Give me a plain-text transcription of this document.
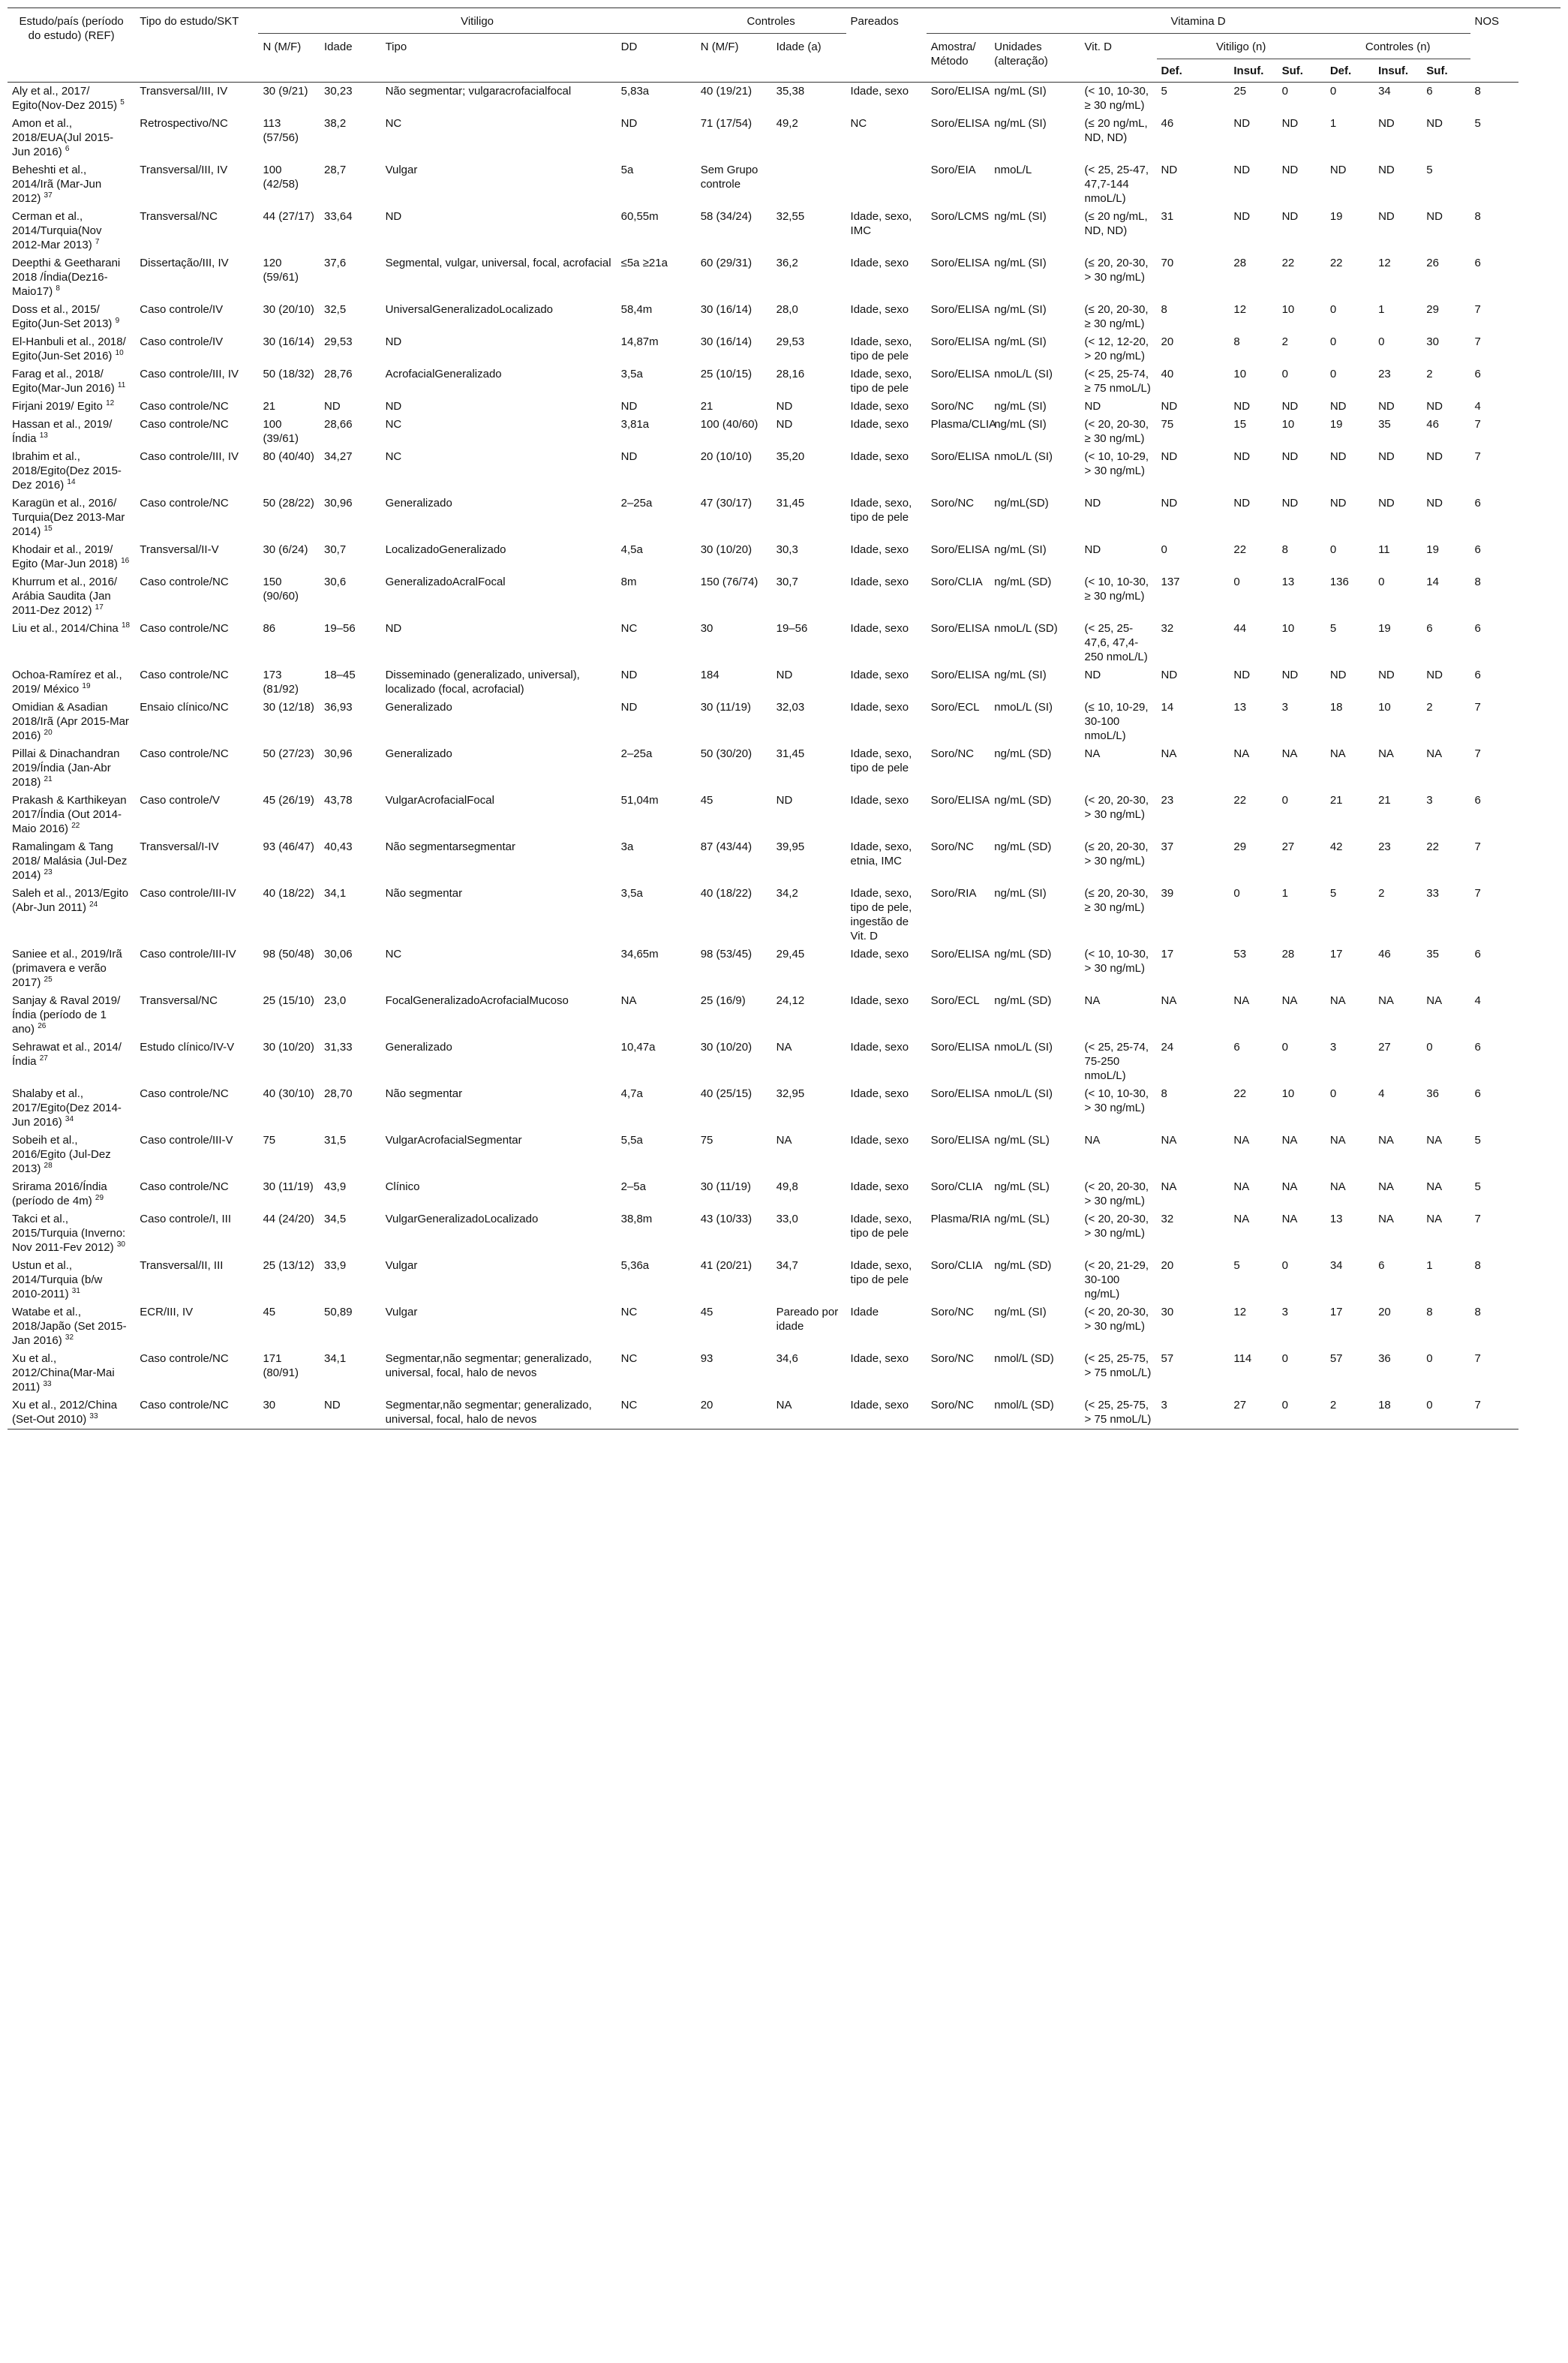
Estudo/país (período do estudo) (REF)	Tipo do estudo/SKT	Vitiligo				Controles		Pareados	Vitamina D									NOS
		N (M/F)	Idade	Tipo	DD	N (M/F)	Idade (a)		Amostra/ Método	Unidades (alteração)	Vit. D	Vitiligo (n)			Controles (n)			
												Def.	Insuf.	Suf.	Def.	Insuf.	Suf.	
Aly et al., 2017/ Egito(Nov-Dez 2015) $^5$	Transversal/III, IV	30 (9/21)	30,23	Não segmentar; vulgaracrofacialfocal	5,83a	40 (19/21)	35,38	Idade, sexo	Soro/ELISA	ng/mL (SI)	(< 10, 10-30, ≥ 30 ng/mL)	5	25	0	0	34	6	8
Amon et al., 2018/EUA(Jul 2015-Jun 2016) $^6$	Retrospectivo/NC	113 (57/56)	38,2	NC	ND	71 (17/54)	49,2	NC	Soro/ELISA	ng/mL (SI)	(≤ 20 ng/mL, ND, ND)	46	ND	ND	1	ND	ND	5
Beheshti et al., 2014/Irã (Mar-Jun 2012) $^{37}$	Transversal/III, IV	100 (42/58)	28,7	Vulgar	5a	Sem Grupo controle			Soro/EIA	nmoL/L	(< 25, 25-47, 47,7-144 nmoL/L)	ND	ND	ND	ND	ND	5	
Cerman et al., 2014/Turquia(Nov 2012-Mar 2013) $^7$	Transversal/NC	44 (27/17)	33,64	ND	60,55m	58 (34/24)	32,55	Idade, sexo, IMC	Soro/LCMS	ng/mL (SI)	(≤ 20 ng/mL, ND, ND)	31	ND	ND	19	ND	ND	8
Deepthi & Geetharani 2018 /Índia(Dez16-Maio17) $^8$	Dissertação/III, IV	120 (59/61)	37,6	Segmental, vulgar, universal, focal, acrofacial	≤5a ≥21a	60 (29/31)	36,2	Idade, sexo	Soro/ELISA	ng/mL (SI)	(≤ 20, 20-30, > 30 ng/mL)	70	28	22	22	12	26	6
Doss et al., 2015/ Egito(Jun-Set 2013) $^9$	Caso controle/IV	30 (20/10)	32,5	UniversalGeneralizadoLocalizado	58,4m	30 (16/14)	28,0	Idade, sexo	Soro/ELISA	ng/mL (SI)	(≤ 20, 20-30, ≥ 30 ng/mL)	8	12	10	0	1	29	7
El-Hanbuli et al., 2018/ Egito(Jun-Set 2016) $^{10}$	Caso controle/IV	30 (16/14)	29,53	ND	14,87m	30 (16/14)	29,53	Idade, sexo, tipo de pele	Soro/ELISA	ng/mL (SI)	(< 12, 12-20, > 20 ng/mL)	20	8	2	0	0	30	7
Farag et al., 2018/ Egito(Mar-Jun 2016) $^{11}$	Caso controle/III, IV	50 (18/32)	28,76	AcrofacialGeneralizado	3,5a	25 (10/15)	28,16	Idade, sexo, tipo de pele	Soro/ELISA	nmoL/L (SI)	(< 25, 25-74, ≥ 75 nmoL/L)	40	10	0	0	23	2	6
Firjani 2019/ Egito $^{12}$	Caso controle/NC	21	ND	ND	ND	21	ND	Idade, sexo	Soro/NC	ng/mL (SI)	ND	ND	ND	ND	ND	ND	ND	4
Hassan et al., 2019/Índia $^{13}$	Caso controle/NC	100 (39/61)	28,66	NC	3,81a	100 (40/60)	ND	Idade, sexo	Plasma/CLIA	ng/mL (SI)	(< 20, 20-30, ≥ 30 ng/mL)	75	15	10	19	35	46	7
Ibrahim et al., 2018/Egito(Dez 2015-Dez 2016) $^{14}$	Caso controle/III, IV	80 (40/40)	34,27	NC	ND	20 (10/10)	35,20	Idade, sexo	Soro/ELISA	nmoL/L (SI)	(< 10, 10-29, > 30 ng/mL)	ND	ND	ND	ND	ND	ND	7
Karagün et al., 2016/ Turquia(Dez 2013-Mar 2014) $^{15}$	Caso controle/NC	50 (28/22)	30,96	Generalizado	2–25a	47 (30/17)	31,45	Idade, sexo, tipo de pele	Soro/NC	ng/mL(SD)	ND	ND	ND	ND	ND	ND	ND	6
Khodair et al., 2019/ Egito (Mar-Jun 2018) $^{16}$	Transversal/II-V	30 (6/24)	30,7	LocalizadoGeneralizado	4,5a	30 (10/20)	30,3	Idade, sexo	Soro/ELISA	ng/mL (SI)	ND	0	22	8	0	11	19	6
Khurrum et al., 2016/ Arábia Saudita (Jan 2011-Dez 2012) $^{17}$	Caso controle/NC	150 (90/60)	30,6	GeneralizadoAcralFocal	8m	150 (76/74)	30,7	Idade, sexo	Soro/CLIA	ng/mL (SD)	(< 10, 10-30, ≥ 30 ng/mL)	137	0	13	136	0	14	8
Liu et al., 2014/China $^{18}$	Caso controle/NC	86	19–56	ND	NC	30	19–56	Idade, sexo	Soro/ELISA	nmoL/L (SD)	(< 25, 25-47,6, 47,4-250 nmoL/L)	32	44	10	5	19	6	6
Ochoa-Ramírez et al., 2019/ México $^{19}$	Caso controle/NC	173 (81/92)	18–45	Disseminado (generalizado, universal), localizado (focal, acrofacial)	ND	184	ND	Idade, sexo	Soro/ELISA	ng/mL (SI)	ND	ND	ND	ND	ND	ND	ND	6
Omidian & Asadian 2018/Irã (Apr 2015-Mar 2016) $^{20}$	Ensaio clínico/NC	30 (12/18)	36,93	Generalizado	ND	30 (11/19)	32,03	Idade, sexo	Soro/ECL	nmoL/L (SI)	(≤ 10, 10-29, 30-100 nmoL/L)	14	13	3	18	10	2	7
Pillai & Dinachandran 2019/Índia (Jan-Abr 2018) $^{21}$	Caso controle/NC	50 (27/23)	30,96	Generalizado	2–25a	50 (30/20)	31,45	Idade, sexo, tipo de pele	Soro/NC	ng/mL (SD)	NA	NA	NA	NA	NA	NA	NA	7
Prakash & Karthikeyan 2017/Índia (Out 2014-Maio 2016) $^{22}$	Caso controle/V	45 (26/19)	43,78	VulgarAcrofacialFocal	51,04m	45	ND	Idade, sexo	Soro/ELISA	ng/mL (SD)	(< 20, 20-30, > 30 ng/mL)	23	22	0	21	21	3	6
Ramalingam & Tang 2018/ Malásia (Jul-Dez 2014) $^{23}$	Transversal/I-IV	93 (46/47)	40,43	Não segmentarsegmentar	3a	87 (43/44)	39,95	Idade, sexo, etnia, IMC	Soro/NC	ng/mL (SD)	(≤ 20, 20-30, > 30 ng/mL)	37	29	27	42	23	22	7
Saleh et al., 2013/Egito (Abr-Jun 2011) $^{24}$	Caso controle/III-IV	40 (18/22)	34,1	Não segmentar	3,5a	40 (18/22)	34,2	Idade, sexo, tipo de pele, ingestão de Vit. D	Soro/RIA	ng/mL (SI)	(≤ 20, 20-30, ≥ 30 ng/mL)	39	0	1	5	2	33	7
Saniee et al., 2019/Irã (primavera e verão 2017) $^{25}$	Caso controle/III-IV	98 (50/48)	30,06	NC	34,65m	98 (53/45)	29,45	Idade, sexo	Soro/ELISA	ng/mL (SD)	(< 10, 10-30, > 30 ng/mL)	17	53	28	17	46	35	6
Sanjay & Raval 2019/ Índia (período de 1 ano) $^{26}$	Transversal/NC	25 (15/10)	23,0	FocalGeneralizadoAcrofacialMucoso	NA	25 (16/9)	24,12	Idade, sexo	Soro/ECL	ng/mL (SD)	NA	NA	NA	NA	NA	NA	NA	4
Sehrawat et al., 2014/Índia $^{27}$	Estudo clínico/IV-V	30 (10/20)	31,33	Generalizado	10,47a	30 (10/20)	NA	Idade, sexo	Soro/ELISA	nmoL/L (SI)	(< 25, 25-74, 75-250 nmoL/L)	24	6	0	3	27	0	6
Shalaby et al., 2017/Egito(Dez 2014-Jun 2016) $^{34}$	Caso controle/NC	40 (30/10)	28,70	Não segmentar	4,7a	40 (25/15)	32,95	Idade, sexo	Soro/ELISA	nmoL/L (SI)	(< 10, 10-30, > 30 ng/mL)	8	22	10	0	4	36	6
Sobeih et al., 2016/Egito (Jul-Dez 2013) $^{28}$	Caso controle/III-V	75	31,5	VulgarAcrofacialSegmentar	5,5a	75	NA	Idade, sexo	Soro/ELISA	ng/mL (SL)	NA	NA	NA	NA	NA	NA	NA	5
Srirama 2016/Índia (período de 4m) $^{29}$	Caso controle/NC	30 (11/19)	43,9	Clínico	2–5a	30 (11/19)	49,8	Idade, sexo	Soro/CLIA	ng/mL (SL)	(< 20, 20-30, > 30 ng/mL)	NA	NA	NA	NA	NA	NA	5
Takci et al., 2015/Turquia (Inverno: Nov 2011-Fev 2012) $^{30}$	Caso controle/I, III	44 (24/20)	34,5	VulgarGeneralizadoLocalizado	38,8m	43 (10/33)	33,0	Idade, sexo, tipo de pele	Plasma/RIA	ng/mL (SL)	(< 20, 20-30, > 30 ng/mL)	32	NA	NA	13	NA	NA	7
Ustun et al., 2014/Turquia (b/w 2010-2011) $^{31}$	Transversal/II, III	25 (13/12)	33,9	Vulgar	5,36a	41 (20/21)	34,7	Idade, sexo, tipo de pele	Soro/CLIA	ng/mL (SD)	(< 20, 21-29, 30-100 ng/mL)	20	5	0	34	6	1	8
Watabe et al., 2018/Japão (Set 2015-Jan 2016) $^{32}$	ECR/III, IV	45	50,89	Vulgar	NC	45	Pareado por idade	Idade	Soro/NC	ng/mL (SI)	(< 20, 20-30, > 30 ng/mL)	30	12	3	17	20	8	8
Xu et al., 2012/China(Mar-Mai 2011) $^{33}$	Caso controle/NC	171 (80/91)	34,1	Segmentar,não segmentar; generalizado, universal, focal, halo de nevos	NC	93	34,6	Idade, sexo	Soro/NC	nmol/L (SD)	(< 25, 25-75, > 75 nmoL/L)	57	114	0	57	36	0	7
Xu et al., 2012/China (Set-Out 2010) $^{33}$	Caso controle/NC	30	ND	Segmentar,não segmentar; generalizado, universal, focal, halo de nevos	NC	20	NA	Idade, sexo	Soro/NC	nmol/L (SD)	(< 25, 25-75, > 75 nmoL/L)	3	27	0	2	18	0	7
